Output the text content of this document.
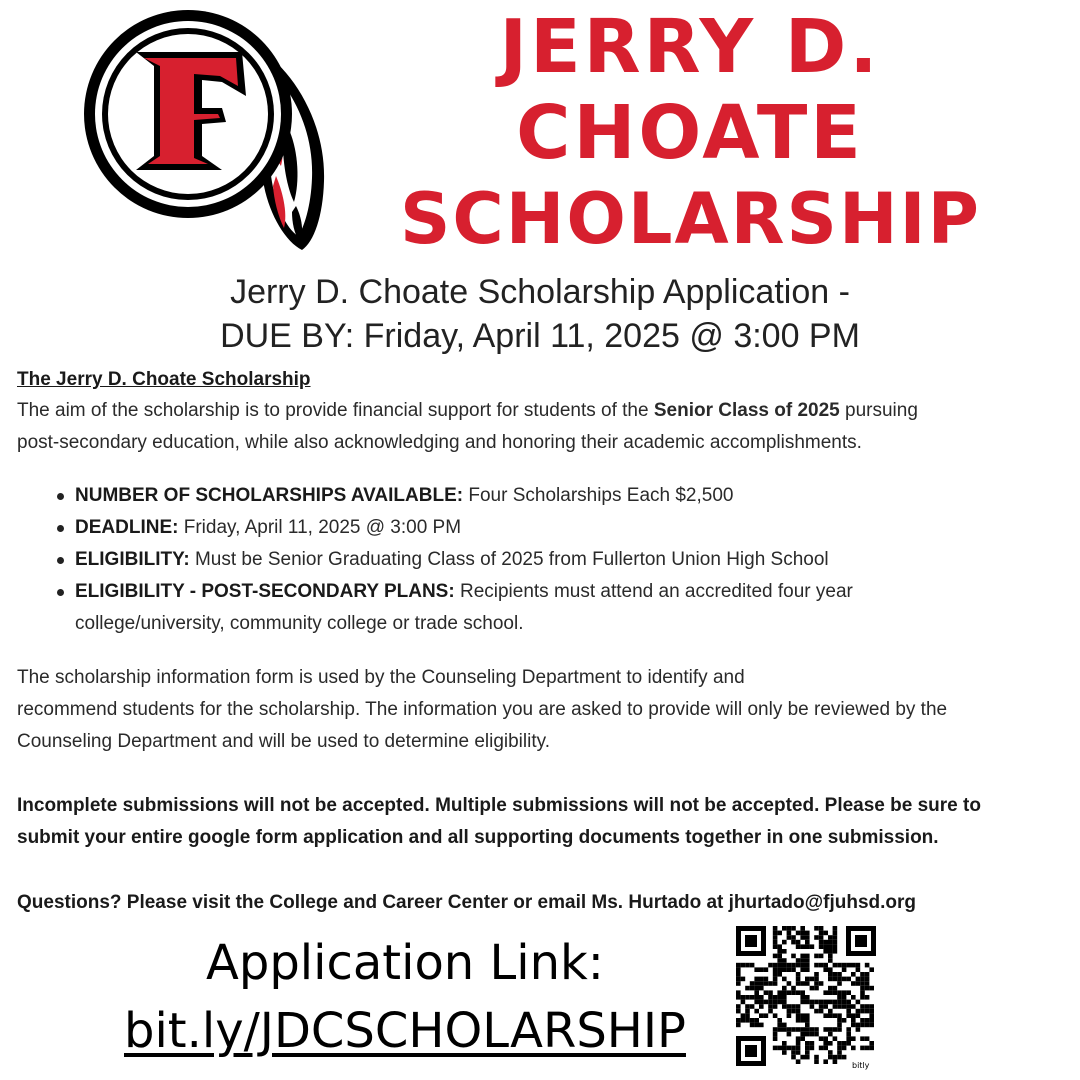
JERRY D.
CHOATE
SCHOLARSHIP
Jerry D. Choate Scholarship Application -
DUE BY: Friday, April 11, 2025 @ 3:00 PM
The Jerry D. Choate Scholarship
The aim of the scholarship is to provide financial support for students of the Senior Class of 2025 pursuing
post-secondary education, while also acknowledging and honoring their academic accomplishments.
NUMBER OF SCHOLARSHIPS AVAILABLE: Four Scholarships Each $2,500
DEADLINE: Friday, April 11, 2025 @ 3:00 PM
ELIGIBILITY: Must be Senior Graduating Class of 2025 from Fullerton Union High School
ELIGIBILITY - POST-SECONDARY PLANS: Recipients must attend an accredited four year
college/university, community college or trade school.
The scholarship information form is used by the Counseling Department to identify and
recommend students for the scholarship. The information you are asked to provide will only be reviewed by the
Counseling Department and will be used to determine eligibility.
Incomplete submissions will not be accepted. Multiple submissions will not be accepted. Please be sure to
submit your entire google form application and all supporting documents together in one submission.
Questions? Please visit the College and Career Center or email Ms. Hurtado at jhurtado@fjuhsd.org
Application Link:
bit.ly/JDCSCHOLARSHIP
bitly
